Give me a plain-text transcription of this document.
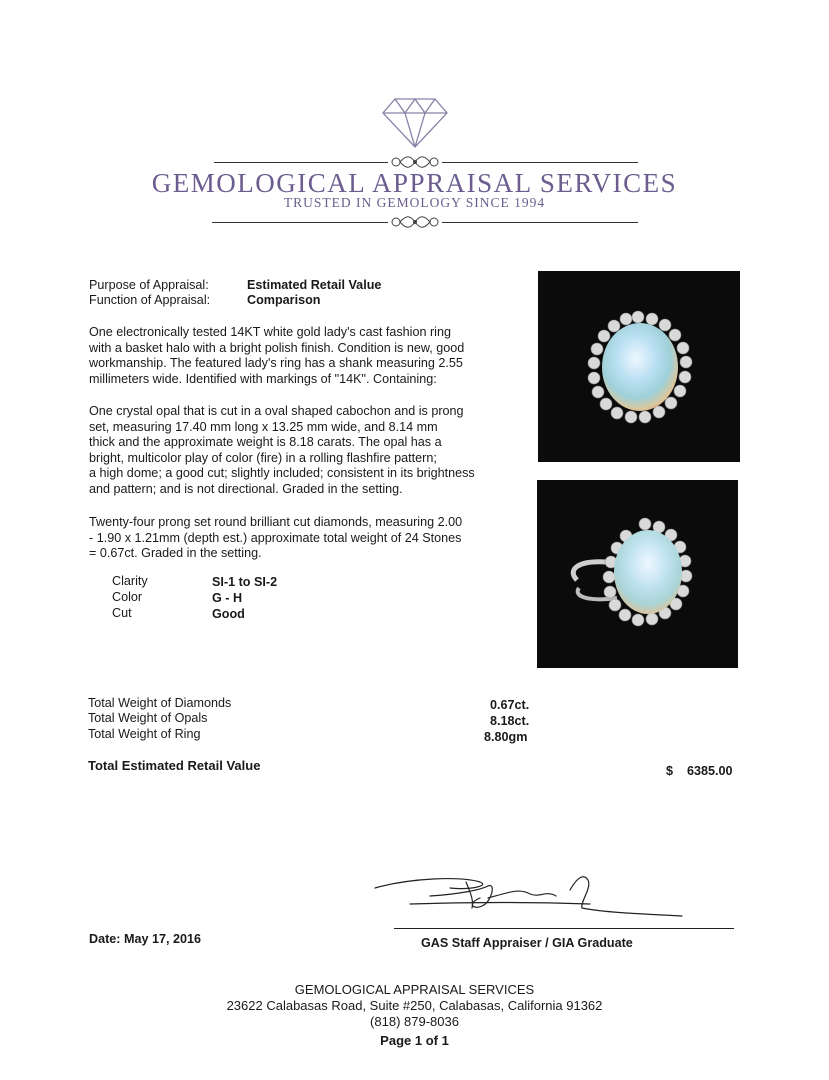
GEMOLOGICAL APPRAISAL SERVICES
TRUSTED IN GEMOLOGY SINCE 1994
Purpose of Appraisal:	Estimated Retail Value
Function of Appraisal:	Comparison
One electronically tested 14KT white gold lady's cast fashion ring
with a basket halo with a bright polish finish. Condition is new, good
workmanship. The featured lady's ring has a shank measuring 2.55
millimeters wide. Identified with markings of "14K". Containing:
One crystal opal that is cut in a oval shaped cabochon and is prong
set, measuring 17.40 mm long x 13.25 mm wide, and 8.14 mm
thick and the approximate weight is 8.18 carats. The opal has a
bright, multicolor play of color (fire) in a rolling flashfire pattern;
a high dome; a good cut; slightly included; consistent in its brightness
and pattern; and is not directional. Graded in the setting.
Twenty-four prong set round brilliant cut diamonds, measuring 2.00
- 1.90 x 1.21mm (depth est.) approximate total weight of 24 Stones
= 0.67ct. Graded in the setting.
Clarity	SI-1 to SI-2
Color	G - H
Cut	Good
Total Weight of Diamonds	0.67ct.
Total Weight of Opals	8.18ct.
Total Weight of Ring	8.80gm
Total Estimated Retail Value	$ 6385.00
Date: May 17, 2016	GAS Staff Appraiser / GIA Graduate
GEMOLOGICAL APPRAISAL SERVICES
23622 Calabasas Road, Suite #250, Calabasas, California 91362
(818) 879-8036
Page 1 of 1
